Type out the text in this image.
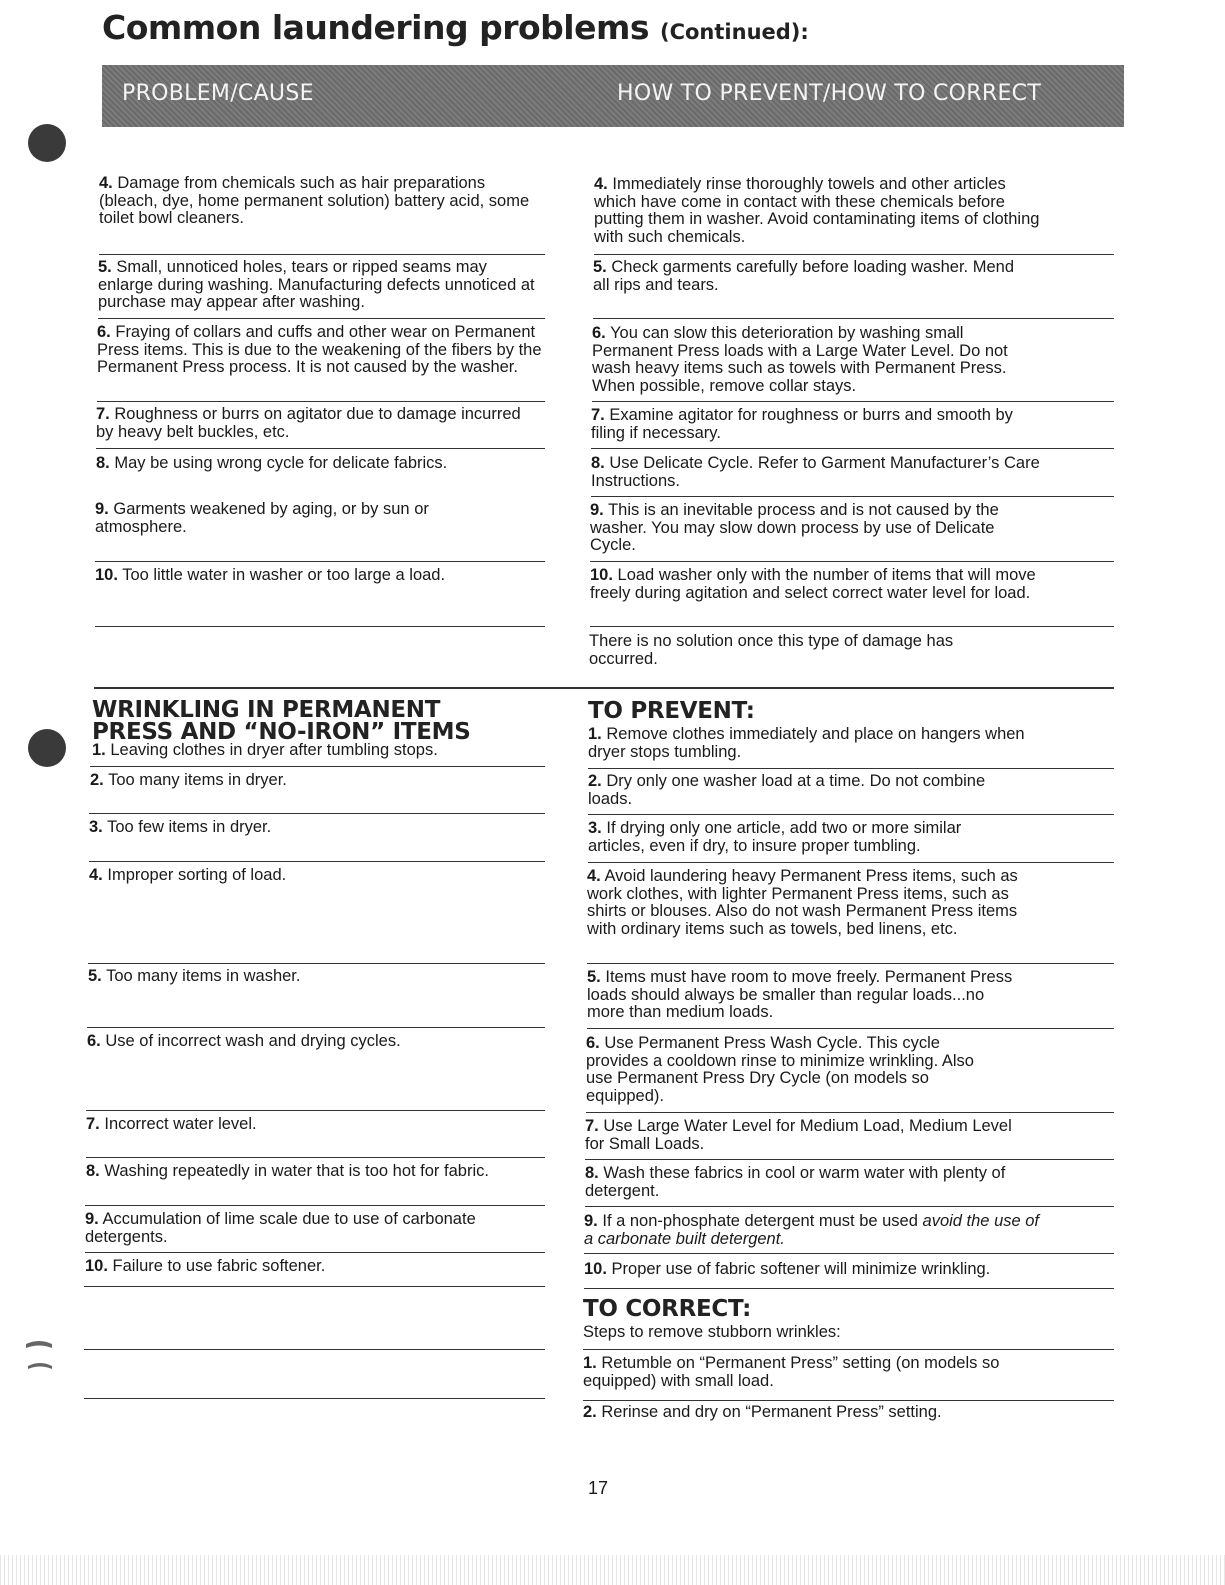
Common laundering problems (Continued):
PROBLEM/CAUSE	HOW TO PREVENT/HOW TO CORRECT
4. Damage from chemicals such as hair preparations (bleach, dye, home permanent solution) battery acid, some toilet bowl cleaners.
4. Immediately rinse thoroughly towels and other articles which have come in contact with these chemicals before putting them in washer. Avoid contaminating items of clothing with such chemicals.
5. Small, unnoticed holes, tears or ripped seams may enlarge during washing. Manufacturing defects unnoticed at purchase may appear after washing.
5. Check garments carefully before loading washer. Mend all rips and tears.
6. Fraying of collars and cuffs and other wear on Permanent Press items. This is due to the weakening of the fibers by the Permanent Press process. It is not caused by the washer.
6. You can slow this deterioration by washing small Permanent Press loads with a Large Water Level. Do not wash heavy items such as towels with Permanent Press. When possible, remove collar stays.
7. Roughness or burrs on agitator due to damage incurred by heavy belt buckles, etc.
7. Examine agitator for roughness or burrs and smooth by filing if necessary.
8. May be using wrong cycle for delicate fabrics.	8. Use Delicate Cycle. Refer to Garment Manufacturer’s Care Instructions.
9. Garments weakened by aging, or by sun or atmosphere.
9. This is an inevitable process and is not caused by the washer. You may slow down process by use of Delicate Cycle.
10. Too little water in washer or too large a load.	10. Load washer only with the number of items that will move freely during agitation and select correct water level for load.
There is no solution once this type of damage has occurred.
WRINKLING IN PERMANENT PRESS AND “NO-IRON” ITEMS
TO PREVENT:
1. Leaving clothes in dryer after tumbling stops.
1. Remove clothes immediately and place on hangers when dryer stops tumbling.
2. Too many items in dryer.	2. Dry only one washer load at a time. Do not combine loads.
3. Too few items in dryer.	3. If drying only one article, add two or more similar articles, even if dry, to insure proper tumbling.
4. Improper sorting of load.	4. Avoid laundering heavy Permanent Press items, such as work clothes, with lighter Permanent Press items, such as shirts or blouses. Also do not wash Permanent Press items with ordinary items such as towels, bed linens, etc.
5. Too many items in washer.	5. Items must have room to move freely. Permanent Press loads should always be smaller than regular loads...no more than medium loads.
6. Use of incorrect wash and drying cycles.	6. Use Permanent Press Wash Cycle. This cycle provides a cooldown rinse to minimize wrinkling. Also use Permanent Press Dry Cycle (on models so equipped).
7. Incorrect water level.	7. Use Large Water Level for Medium Load, Medium Level for Small Loads.
8. Washing repeatedly in water that is too hot for fabric.	8. Wash these fabrics in cool or warm water with plenty of detergent.
9. Accumulation of lime scale due to use of carbonate detergents.
9. If a non-phosphate detergent must be used avoid the use of a carbonate built detergent.
10. Failure to use fabric softener.	10. Proper use of fabric softener will minimize wrinkling.
TO CORRECT:
Steps to remove stubborn wrinkles:
1. Retumble on “Permanent Press” setting (on models so equipped) with small load.
2. Rerinse and dry on “Permanent Press” setting.
17
